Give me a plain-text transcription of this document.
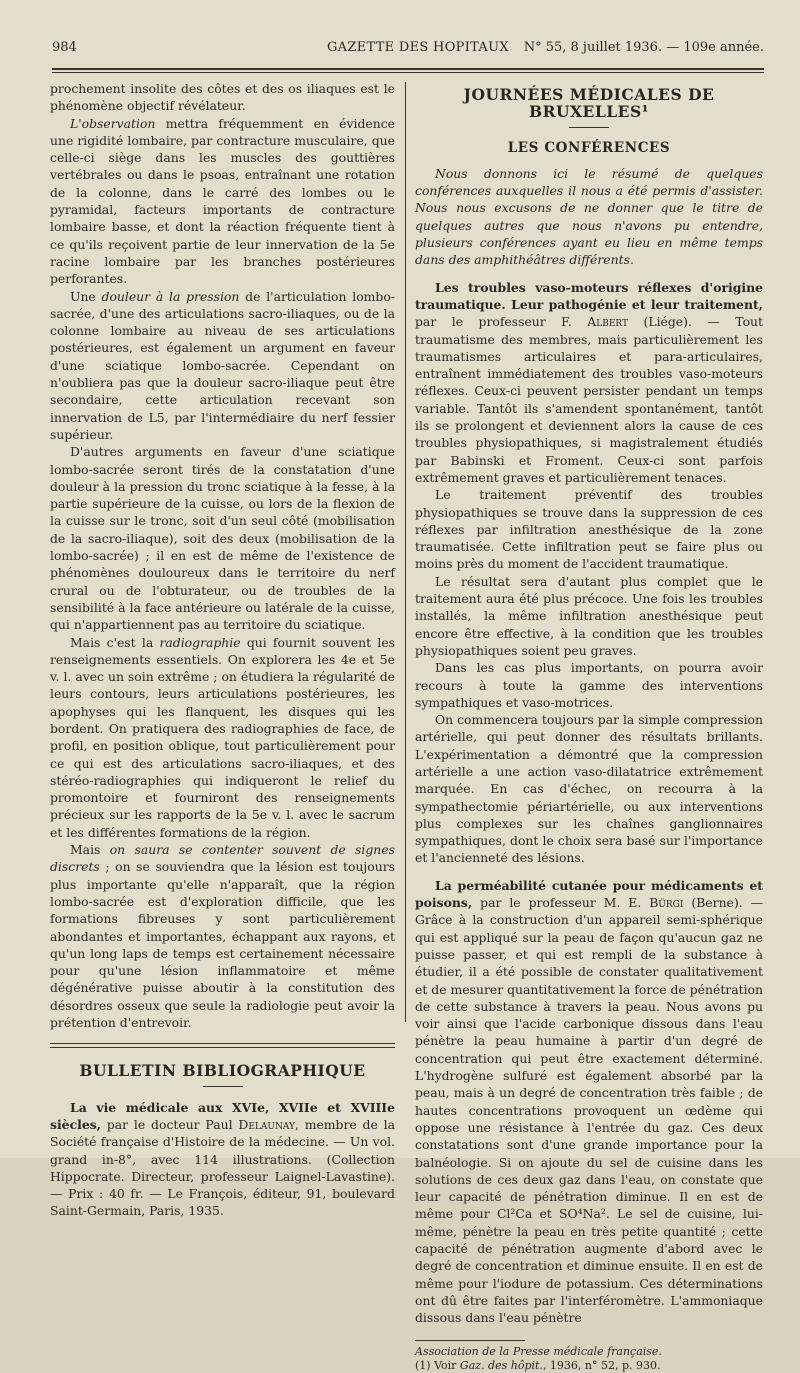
984	GAZETTE DES HOPITAUX N° 55, 8 juillet 1936. — 109e année.

prochement insolite des côtes et des os iliaques est le phénomène objectif révélateur.

L'observation mettra fréquemment en évidence une rigidité lombaire, par contracture musculaire, que celle-ci siège dans les muscles des gouttières vertébrales ou dans le psoas, entraînant une rotation de la colonne, dans le carré des lombes ou le pyramidal, facteurs importants de contracture lombaire basse, et dont la réaction fréquente tient à ce qu'ils reçoivent partie de leur innervation de la 5e racine lombaire par les branches postérieures perforantes.

Une douleur à la pression de l'articulation lombo-sacrée, d'une des articulations sacro-iliaques, ou de la colonne lombaire au niveau de ses articulations postérieures, est également un argument en faveur d'une sciatique lombo-sacrée. Cependant on n'oubliera pas que la douleur sacro-iliaque peut être secondaire, cette articulation recevant son innervation de L5, par l'intermédiaire du nerf fessier supérieur.

D'autres arguments en faveur d'une sciatique lombo-sacrée seront tirés de la constatation d'une douleur à la pression du tronc sciatique à la fesse, à la partie supérieure de la cuisse, ou lors de la flexion de la cuisse sur le tronc, soit d'un seul côté (mobilisation de la sacro-iliaque), soit des deux (mobilisation de la lombo-sacrée) ; il en est de même de l'existence de phénomènes douloureux dans le territoire du nerf crural ou de l'obturateur, ou de troubles de la sensibilité à la face antérieure ou latérale de la cuisse, qui n'appartiennent pas au territoire du sciatique.

Mais c'est la radiographie qui fournit souvent les renseignements essentiels. On explorera les 4e et 5e v. l. avec un soin extrême ; on étudiera la régularité de leurs contours, leurs articulations postérieures, les apophyses qui les flanquent, les disques qui les bordent. On pratiquera des radiographies de face, de profil, en position oblique, tout particulièrement pour ce qui est des articulations sacro-iliaques, et des stéréo-radiographies qui indiqueront le relief du promontoire et fourniront des renseignements précieux sur les rapports de la 5e v. l. avec le sacrum et les différentes formations de la région.

Mais on saura se contenter souvent de signes discrets ; on se souviendra que la lésion est toujours plus importante qu'elle n'apparaît, que la région lombo-sacrée est d'exploration difficile, que les formations fibreuses y sont particulièrement abondantes et importantes, échappant aux rayons, et qu'un long laps de temps est certainement nécessaire pour qu'une lésion inflammatoire et même dégénérative puisse aboutir à la constitution des désordres osseux que seule la radiologie peut avoir la prétention d'entrevoir.

BULLETIN BIBLIOGRAPHIQUE

La vie médicale aux XVIe, XVIIe et XVIIIe siècles, par le docteur Paul Delaunay, membre de la Société française d'Histoire de la médecine. — Un vol. grand in-8°, avec 114 illustrations. (Collection Hippocrate. Directeur, professeur Laignel-Lavastine). — Prix : 40 fr. — Le François, éditeur, 91, boulevard Saint-Germain, Paris, 1935.

JOURNÉES MÉDICALES DE BRUXELLES¹
LES CONFÉRENCES

Nous donnons ici le résumé de quelques conférences auxquelles il nous a été permis d'assister. Nous nous excusons de ne donner que le titre de quelques autres que nous n'avons pu entendre, plusieurs conférences ayant eu lieu en même temps dans des amphithéâtres différents.

Les troubles vaso-moteurs réflexes d'origine traumatique. Leur pathogénie et leur traitement, par le professeur F. Albert (Liége). — Tout traumatisme des membres, mais particulièrement les traumatismes articulaires et para-articulaires, entraînent immédiatement des troubles vaso-moteurs réflexes. Ceux-ci peuvent persister pendant un temps variable. Tantôt ils s'amendent spontanément, tantôt ils se prolongent et deviennent alors la cause de ces troubles physiopathiques, si magistralement étudiés par Babinski et Froment. Ceux-ci sont parfois extrêmement graves et particulièrement tenaces.

Le traitement préventif des troubles physiopathiques se trouve dans la suppression de ces réflexes par infiltration anesthésique de la zone traumatisée. Cette infiltration peut se faire plus ou moins près du moment de l'accident traumatique.

Le résultat sera d'autant plus complet que le traitement aura été plus précoce. Une fois les troubles installés, la même infiltration anesthésique peut encore être effective, à la condition que les troubles physiopathiques soient peu graves.

Dans les cas plus importants, on pourra avoir recours à toute la gamme des interventions sympathiques et vaso-motrices.

On commencera toujours par la simple compression artérielle, qui peut donner des résultats brillants. L'expérimentation a démontré que la compression artérielle a une action vaso-dilatatrice extrêmement marquée. En cas d'échec, on recourra à la sympathectomie périartérielle, ou aux interventions plus complexes sur les chaînes ganglionnaires sympathiques, dont le choix sera basé sur l'importance et l'ancienneté des lésions.

La perméabilité cutanée pour médicaments et poisons, par le professeur M. E. Bürgi (Berne). — Grâce à la construction d'un appareil semi-sphérique qui est appliqué sur la peau de façon qu'aucun gaz ne puisse passer, et qui est rempli de la substance à étudier, il a été possible de constater qualitativement et de mesurer quantitativement la force de pénétration de cette substance à travers la peau. Nous avons pu voir ainsi que l'acide carbonique dissous dans l'eau pénètre la peau humaine à partir d'un degré de concentration qui peut être exactement déterminé. L'hydrogène sulfuré est également absorbé par la peau, mais à un degré de concentration très faible ; de hautes concentrations provoquent un œdème qui oppose une résistance à l'entrée du gaz. Ces deux constatations sont d'une grande importance pour la balnéologie. Si on ajoute du sel de cuisine dans les solutions de ces deux gaz dans l'eau, on constate que leur capacité de pénétration diminue. Il en est de même pour Cl²Ca et SO⁴Na². Le sel de cuisine, lui-même, pénètre la peau en très petite quantité ; cette capacité de pénétration augmente d'abord avec le degré de concentration et diminue ensuite. Il en est de même pour l'iodure de potassium. Ces déterminations ont dû être faites par l'interféromètre. L'ammoniaque dissous dans l'eau pénètre

Association de la Presse médicale française.

(1) Voir Gaz. des hôpit., 1936, n° 52, p. 930.
